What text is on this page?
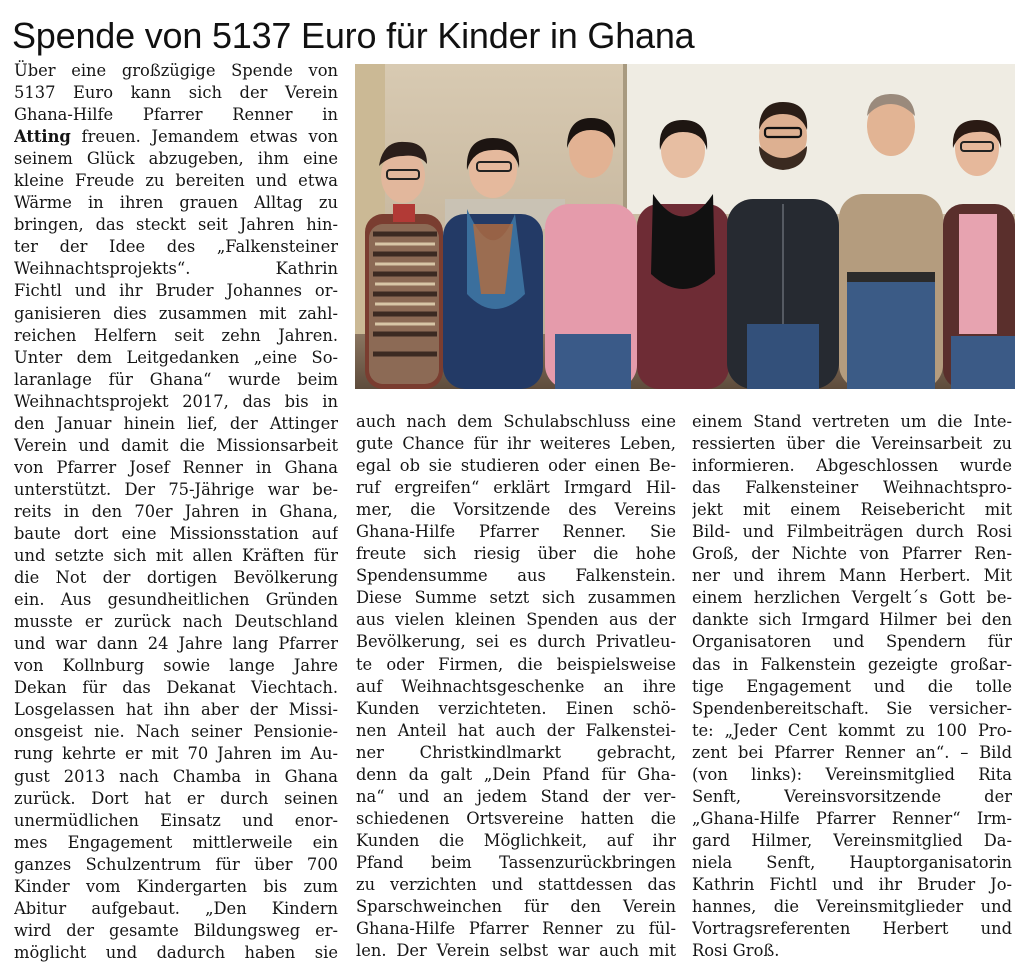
Spende von 5137 Euro für Kinder in Ghana
Über eine großzügige Spende von
5137 Euro kann sich der Verein
Ghana-Hilfe Pfarrer Renner in
Atting freuen. Jemandem etwas von
seinem Glück abzugeben, ihm eine
kleine Freude zu bereiten und etwa
Wärme in ihren grauen Alltag zu
bringen, das steckt seit Jahren hin-
ter der Idee des „Falkensteiner
Weihnachtsprojekts“. Kathrin
Fichtl und ihr Bruder Johannes or-
ganisieren dies zusammen mit zahl-
reichen Helfern seit zehn Jahren.
Unter dem Leitgedanken „eine So-
laranlage für Ghana“ wurde beim
Weihnachtsprojekt 2017, das bis in
den Januar hinein lief, der Attinger
Verein und damit die Missionsarbeit
von Pfarrer Josef Renner in Ghana
unterstützt. Der 75-Jährige war be-
reits in den 70er Jahren in Ghana,
baute dort eine Missionsstation auf
und setzte sich mit allen Kräften für
die Not der dortigen Bevölkerung
ein. Aus gesundheitlichen Gründen
musste er zurück nach Deutschland
und war dann 24 Jahre lang Pfarrer
von Kollnburg sowie lange Jahre
Dekan für das Dekanat Viechtach.
Losgelassen hat ihn aber der Missi-
onsgeist nie. Nach seiner Pensionie-
rung kehrte er mit 70 Jahren im Au-
gust 2013 nach Chamba in Ghana
zurück. Dort hat er durch seinen
unermüdlichen Einsatz und enor-
mes Engagement mittlerweile ein
ganzes Schulzentrum für über 700
Kinder vom Kindergarten bis zum
Abitur aufgebaut. „Den Kindern
wird der gesamte Bildungsweg er-
möglicht und dadurch haben sie
auch nach dem Schulabschluss eine
gute Chance für ihr weiteres Leben,
egal ob sie studieren oder einen Be-
ruf ergreifen“ erklärt Irmgard Hil-
mer, die Vorsitzende des Vereins
Ghana-Hilfe Pfarrer Renner. Sie
freute sich riesig über die hohe
Spendensumme aus Falkenstein.
Diese Summe setzt sich zusammen
aus vielen kleinen Spenden aus der
Bevölkerung, sei es durch Privatleu-
te oder Firmen, die beispielsweise
auf Weihnachtsgeschenke an ihre
Kunden verzichteten. Einen schö-
nen Anteil hat auch der Falkenstei-
ner Christkindlmarkt gebracht,
denn da galt „Dein Pfand für Gha-
na“ und an jedem Stand der ver-
schiedenen Ortsvereine hatten die
Kunden die Möglichkeit, auf ihr
Pfand beim Tassenzurückbringen
zu verzichten und stattdessen das
Sparschweinchen für den Verein
Ghana-Hilfe Pfarrer Renner zu fül-
len. Der Verein selbst war auch mit
einem Stand vertreten um die Inte-
ressierten über die Vereinsarbeit zu
informieren. Abgeschlossen wurde
das Falkensteiner Weihnachtspro-
jekt mit einem Reisebericht mit
Bild- und Filmbeiträgen durch Rosi
Groß, der Nichte von Pfarrer Ren-
ner und ihrem Mann Herbert. Mit
einem herzlichen Vergelt´s Gott be-
dankte sich Irmgard Hilmer bei den
Organisatoren und Spendern für
das in Falkenstein gezeigte großar-
tige Engagement und die tolle
Spendenbereitschaft. Sie versicher-
te: „Jeder Cent kommt zu 100 Pro-
zent bei Pfarrer Renner an“. – Bild
(von links): Vereinsmitglied Rita
Senft, Vereinsvorsitzende der
„Ghana-Hilfe Pfarrer Renner“ Irm-
gard Hilmer, Vereinsmitglied Da-
niela Senft, Hauptorganisatorin
Kathrin Fichtl und ihr Bruder Jo-
hannes, die Vereinsmitglieder und
Vortragsreferenten Herbert und
Rosi Groß.
